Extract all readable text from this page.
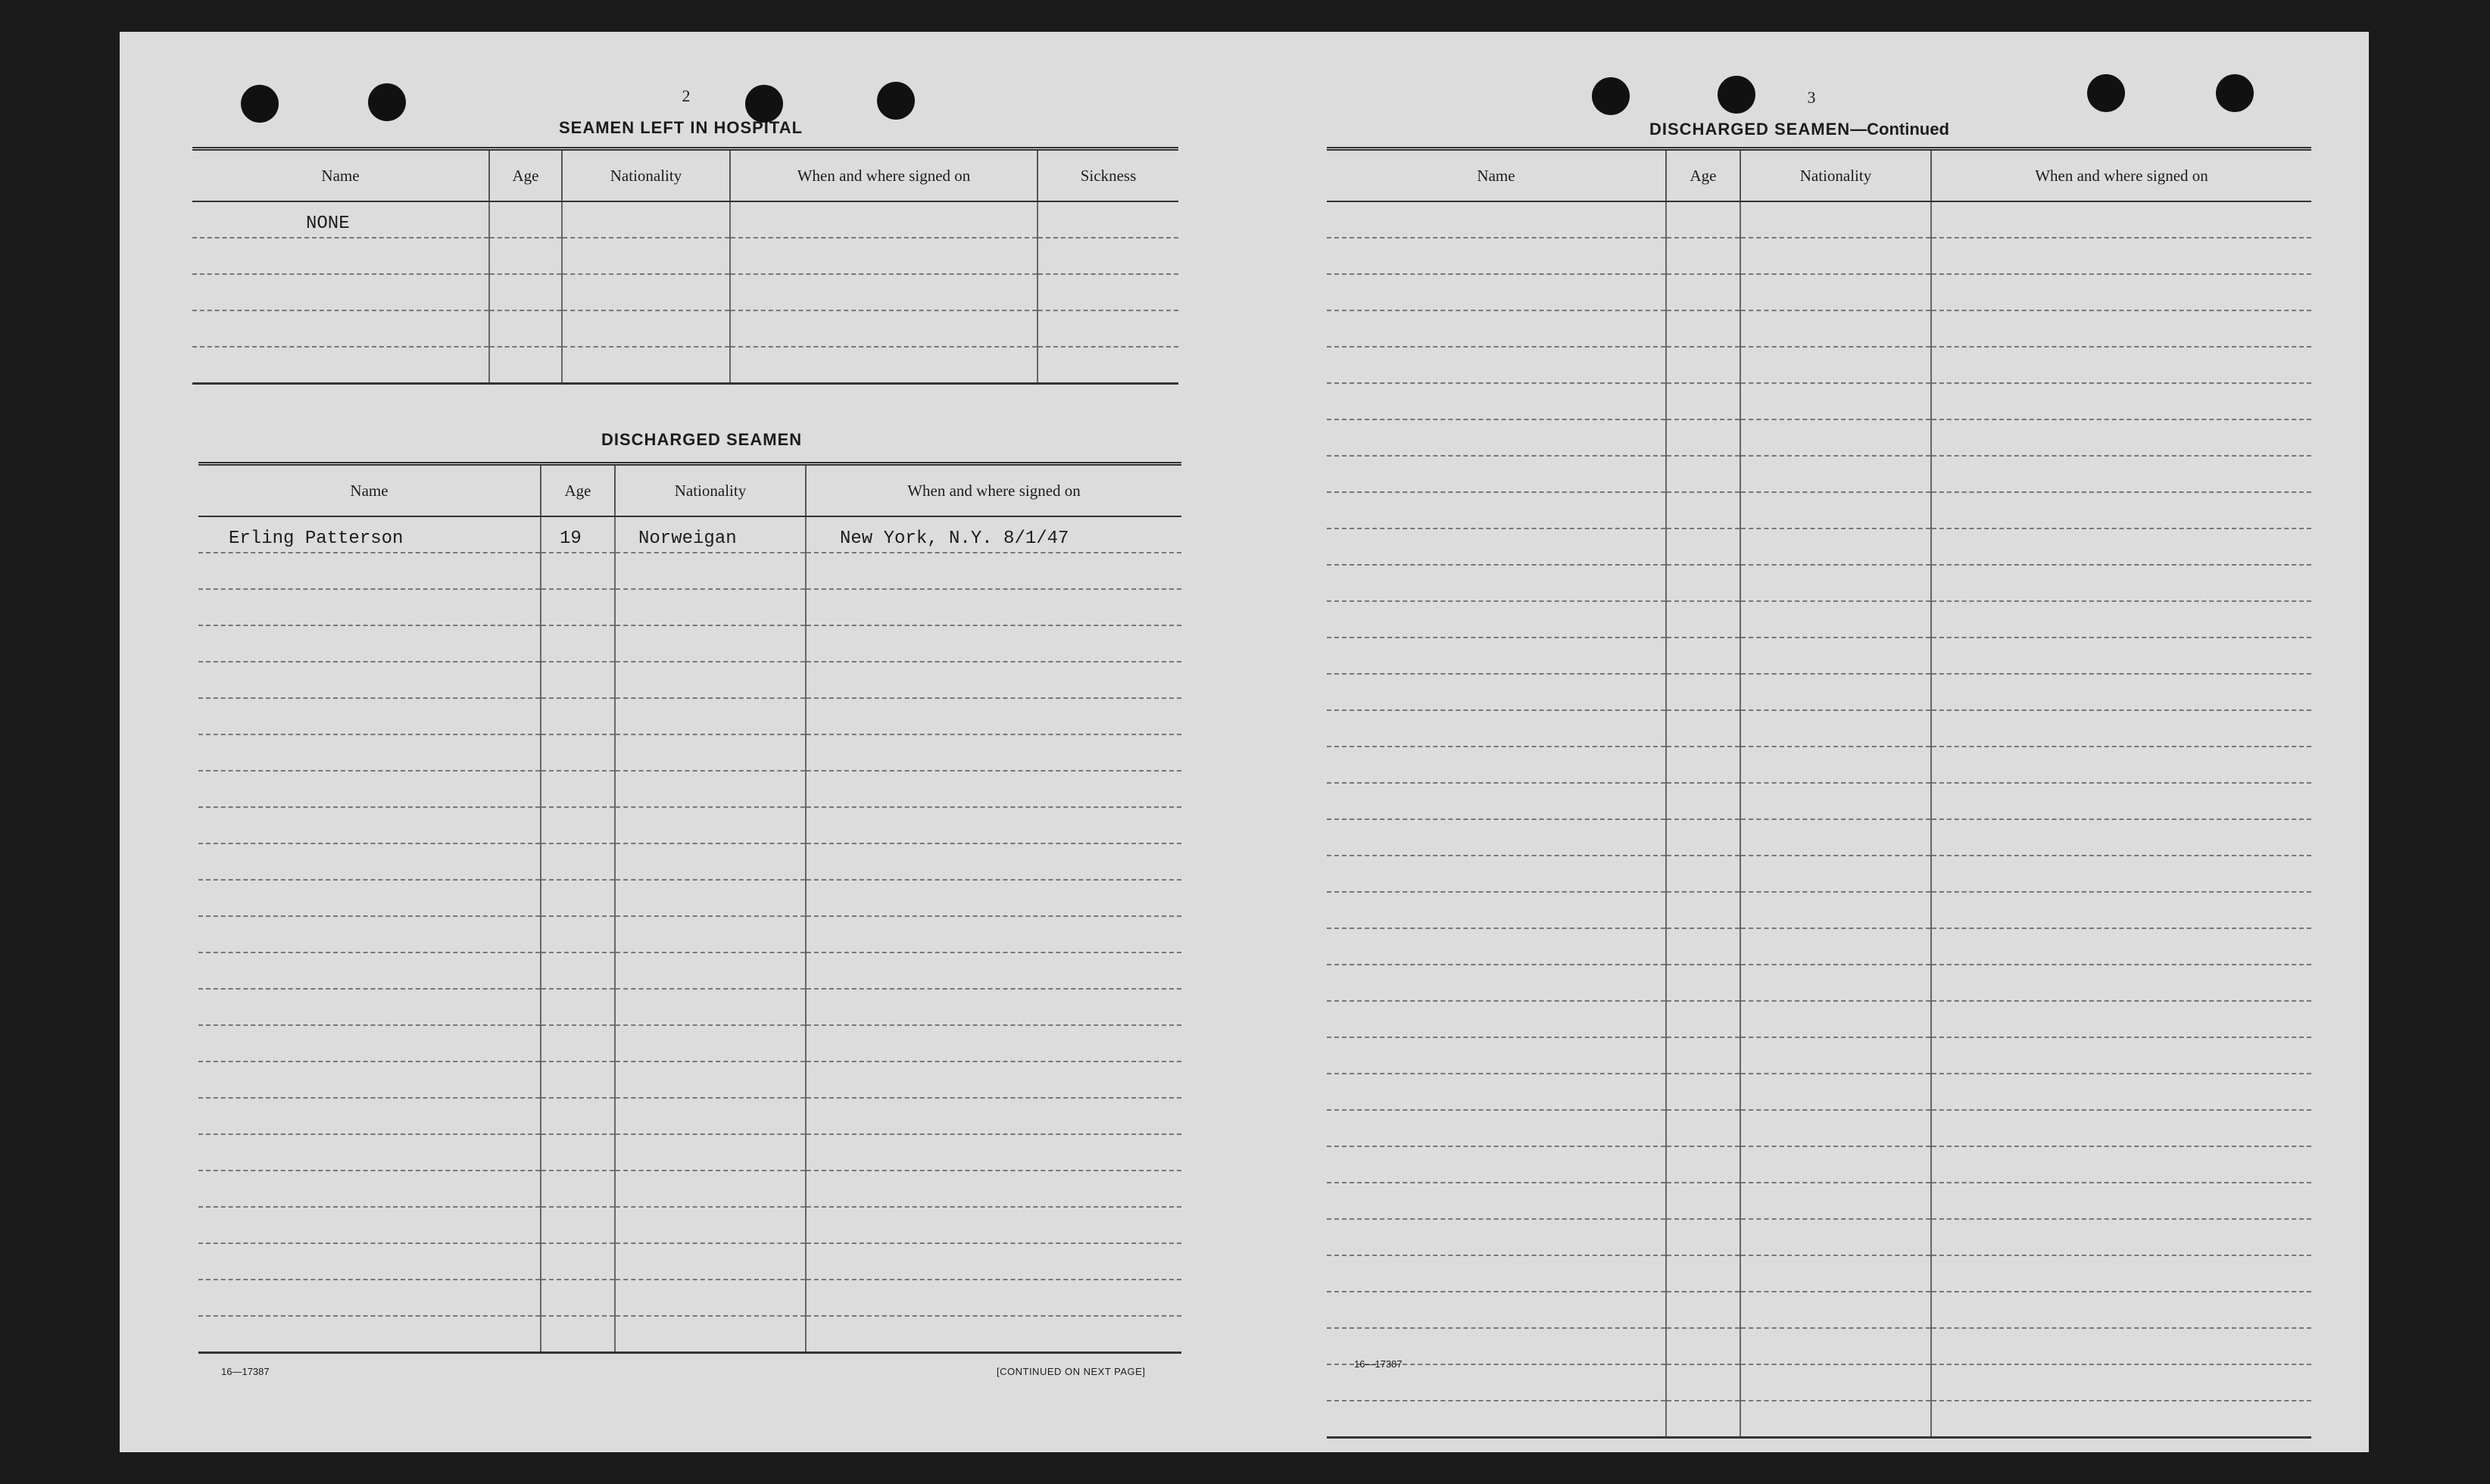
2
SEAMEN LEFT IN HOSPITAL
Name	Age	Nationality	When and where signed on	Sickness
NONE				

DISCHARGED SEAMEN
Name	Age	Nationality	When and where signed on
Erling Patterson	19	Norweigan	New York, N.Y. 8/1/47

16—17387	[CONTINUED ON NEXT PAGE]
3
DISCHARGED SEAMEN—Continued
Name	Age	Nationality	When and where signed on

16—17387
